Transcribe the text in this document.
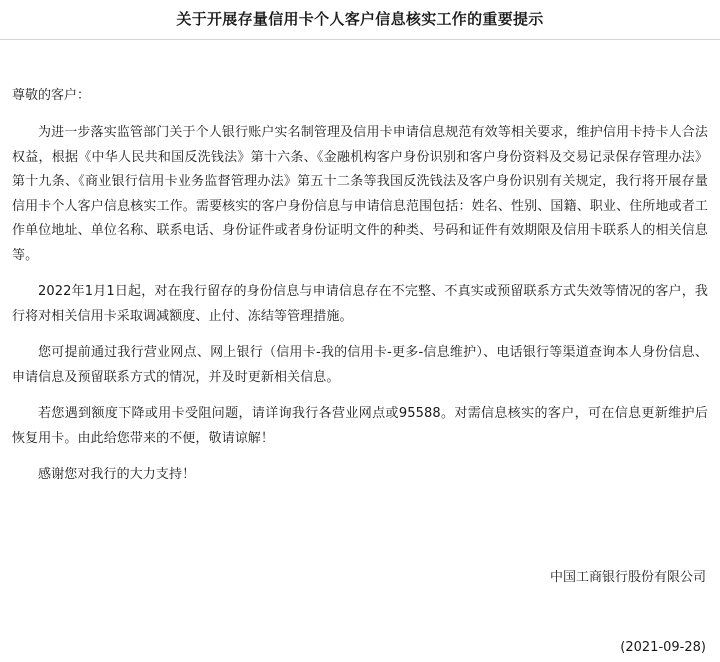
关于开展存量信用卡个人客户信息核实工作的重要提示
尊敬的客户：

为进一步落实监管部门关于个人银行账户实名制管理及信用卡申请信息规范有效等相关要求，维护信用卡持卡人合法权益，根据《中华人民共和国反洗钱法》第十六条、《金融机构客户身份识别和客户身份资料及交易记录保存管理办法》第十九条、《商业银行信用卡业务监督管理办法》第五十二条等我国反洗钱法及客户身份识别有关规定，我行将开展存量信用卡个人客户信息核实工作。需要核实的客户身份信息与申请信息范围包括：姓名、性别、国籍、职业、住所地或者工作单位地址、单位名称、联系电话、身份证件或者身份证明文件的种类、号码和证件有效期限及信用卡联系人的相关信息等。

2022年1月1日起，对在我行留存的身份信息与申请信息存在不完整、不真实或预留联系方式失效等情况的客户，我行将对相关信用卡采取调减额度、止付、冻结等管理措施。

您可提前通过我行营业网点、网上银行（信用卡-我的信用卡-更多-信息维护）、电话银行等渠道查询本人身份信息、申请信息及预留联系方式的情况，并及时更新相关信息。

若您遇到额度下降或用卡受阻问题，请详询我行各营业网点或95588。对需信息核实的客户，可在信息更新维护后恢复用卡。由此给您带来的不便，敬请谅解！

感谢您对我行的大力支持！

中国工商银行股份有限公司
(2021-09-28)
